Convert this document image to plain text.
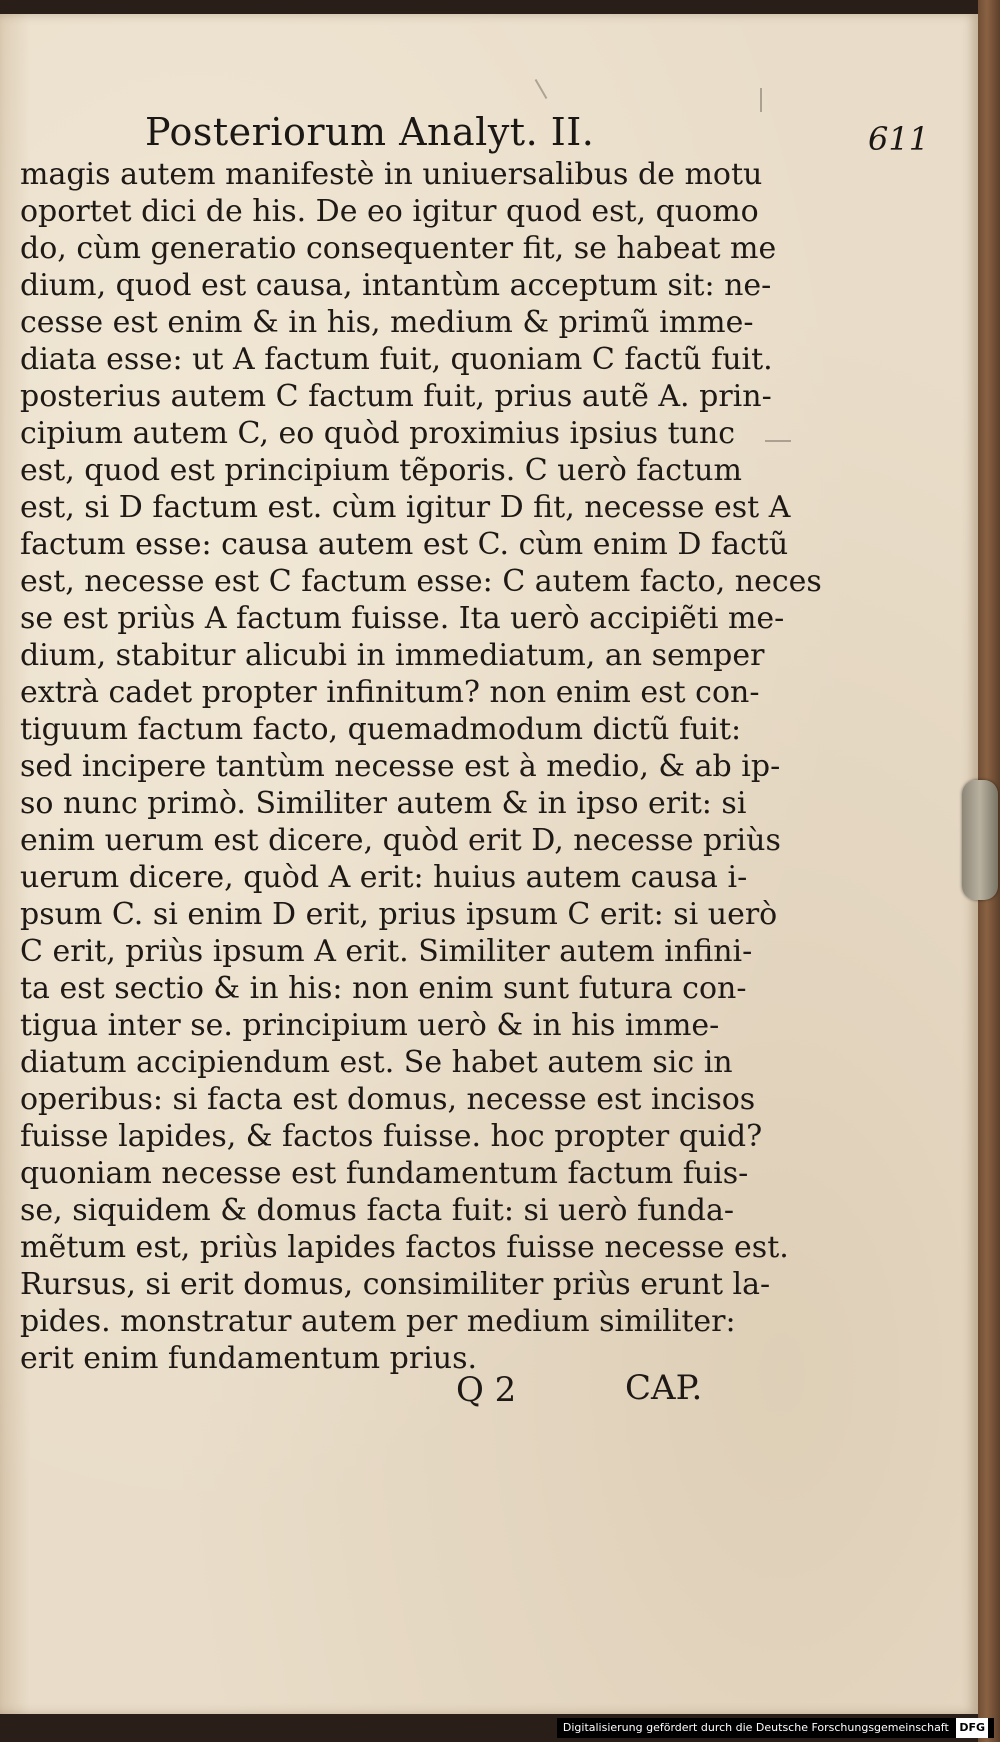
Posteriorum Analyt. II.	611
magis autem manifestè in uniuersalibus de motu
oportet dici de his. De eo igitur quod est, quomo
do, cùm generatio consequenter fit, se habeat me
dium, quod est causa, intantùm acceptum sit: ne-
cesse est enim & in his, medium & primũ imme-
diata esse: ut A factum fuit, quoniam C factũ fuit.
posterius autem C factum fuit, prius autẽ A. prin-
cipium autem C, eo quòd proximius ipsius tunc
est, quod est principium tẽporis. C uerò factum
est, si D factum est. cùm igitur D fit, necesse est A
factum esse: causa autem est C. cùm enim D factũ
est, necesse est C factum esse: C autem facto, neces
se est priùs A factum fuisse. Ita uerò accipiẽti me-
dium, stabitur alicubi in immediatum, an semper
extrà cadet propter infinitum? non enim est con-
tiguum factum facto, quemadmodum dictũ fuit:
sed incipere tantùm necesse est à medio, & ab ip-
so nunc primò. Similiter autem & in ipso erit: si
enim uerum est dicere, quòd erit D, necesse priùs
uerum dicere, quòd A erit: huius autem causa i-
psum C. si enim D erit, prius ipsum C erit: si uerò
C erit, priùs ipsum A erit. Similiter autem infini-
ta est sectio & in his: non enim sunt futura con-
tigua inter se. principium uerò & in his imme-
diatum accipiendum est. Se habet autem sic in
operibus: si facta est domus, necesse est incisos
fuisse lapides, & factos fuisse. hoc propter quid?
quoniam necesse est fundamentum factum fuis-
se, siquidem & domus facta fuit: si uerò funda-
mẽtum est, priùs lapides factos fuisse necesse est.
Rursus, si erit domus, consimiliter priùs erunt la-
pides. monstratur autem per medium similiter:
erit enim fundamentum prius.
Q 2	CAP.
Digitalisierung gefördert durch die Deutsche Forschungsgemeinschaft DFG
